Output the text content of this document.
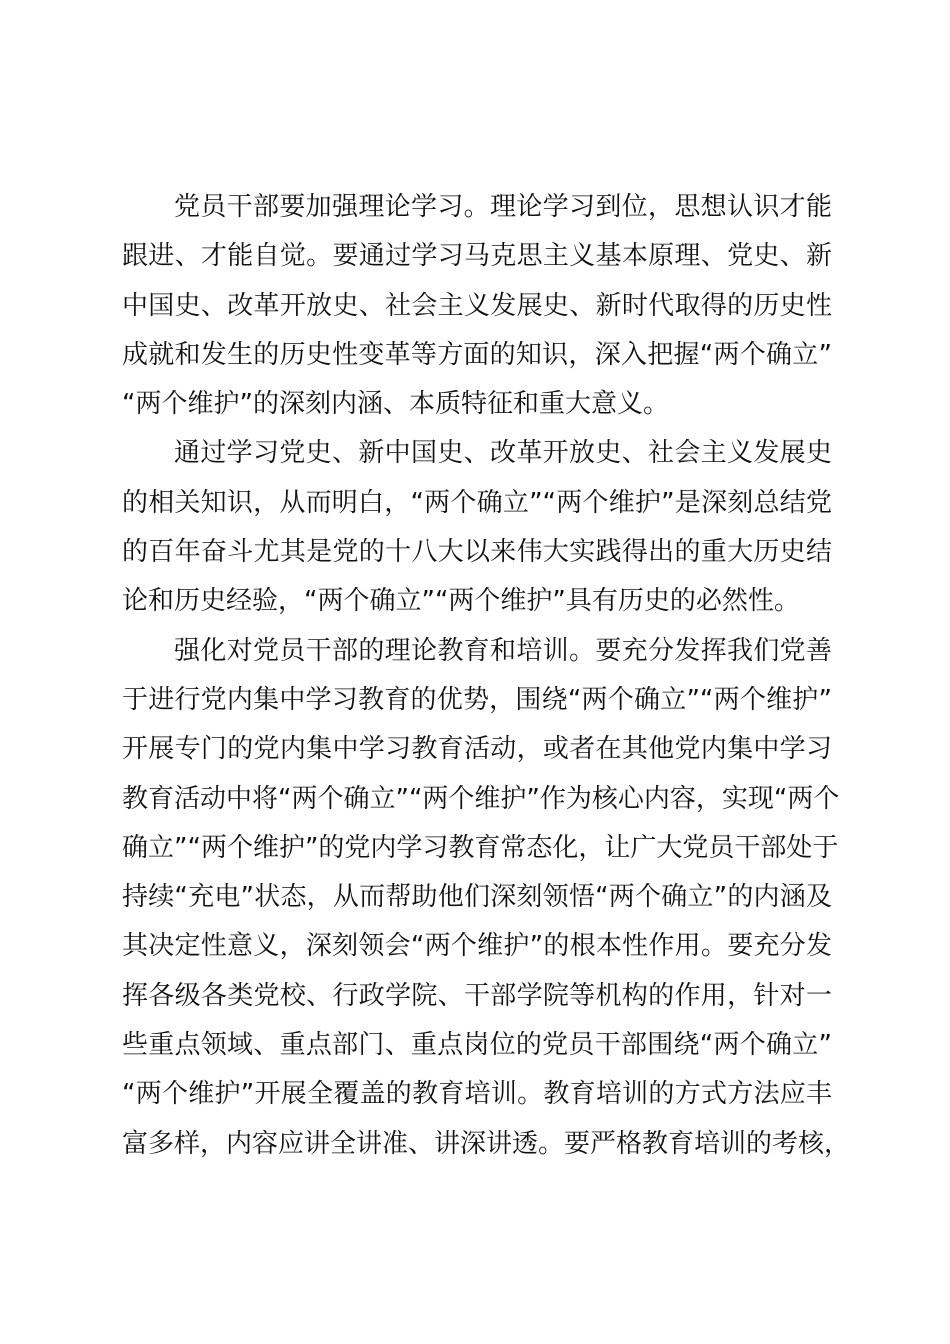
党员干部要加强理论学习。理论学习到位，思想认识才能
跟进、才能自觉。要通过学习马克思主义基本原理、党史、新
中国史、改革开放史、社会主义发展史、新时代取得的历史性
成就和发生的历史性变革等方面的知识，深入把握“两个确立”
“两个维护”的深刻内涵、本质特征和重大意义。

通过学习党史、新中国史、改革开放史、社会主义发展史
的相关知识，从而明白，“两个确立”“两个维护”是深刻总结党
的百年奋斗尤其是党的十八大以来伟大实践得出的重大历史结
论和历史经验，“两个确立”“两个维护”具有历史的必然性。

强化对党员干部的理论教育和培训。要充分发挥我们党善
于进行党内集中学习教育的优势，围绕“两个确立”“两个维护”
开展专门的党内集中学习教育活动，或者在其他党内集中学习
教育活动中将“两个确立”“两个维护”作为核心内容，实现“两个
确立”“两个维护”的党内学习教育常态化，让广大党员干部处于
持续“充电”状态，从而帮助他们深刻领悟“两个确立”的内涵及
其决定性意义，深刻领会“两个维护”的根本性作用。要充分发
挥各级各类党校、行政学院、干部学院等机构的作用，针对一
些重点领域、重点部门、重点岗位的党员干部围绕“两个确立”
“两个维护”开展全覆盖的教育培训。教育培训的方式方法应丰
富多样，内容应讲全讲准、讲深讲透。要严格教育培训的考核，
